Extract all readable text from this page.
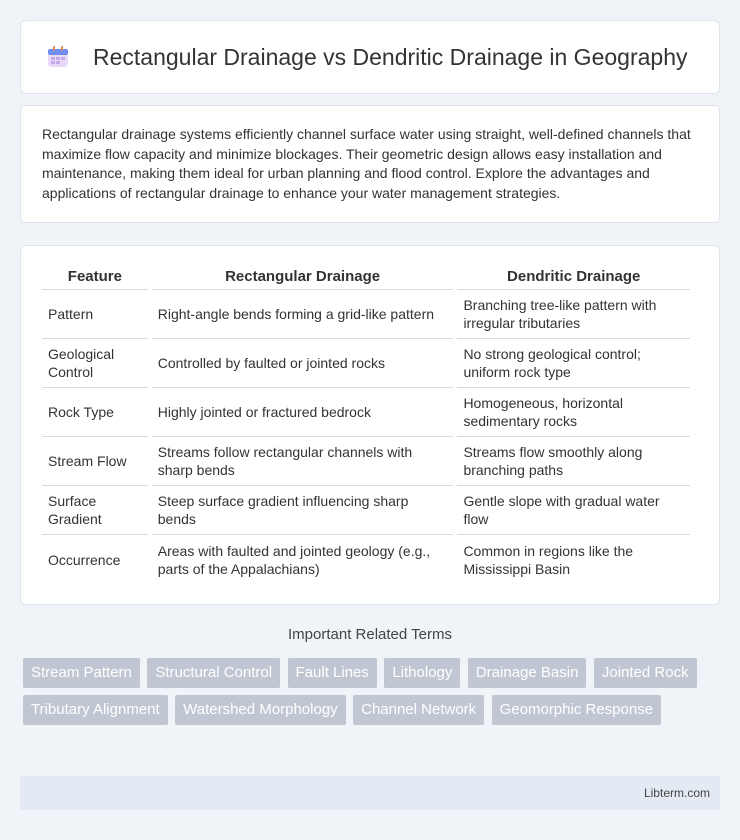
Rectangular Drainage vs Dendritic Drainage in Geography

Rectangular drainage systems efficiently channel surface water using straight, well-defined channels that maximize flow capacity and minimize blockages. Their geometric design allows easy installation and maintenance, making them ideal for urban planning and flood control. Explore the advantages and applications of rectangular drainage to enhance your water management strategies.

Feature	Rectangular Drainage	Dendritic Drainage
Pattern	Right-angle bends forming a grid-like pattern	Branching tree-like pattern with irregular tributaries
Geological Control	Controlled by faulted or jointed rocks	No strong geological control; uniform rock type
Rock Type	Highly jointed or fractured bedrock	Homogeneous, horizontal sedimentary rocks
Stream Flow	Streams follow rectangular channels with sharp bends	Streams flow smoothly along branching paths
Surface Gradient	Steep surface gradient influencing sharp bends	Gentle slope with gradual water flow
Occurrence	Areas with faulted and jointed geology (e.g., parts of the Appalachians)	Common in regions like the Mississippi Basin
Important Related Terms
Stream Pattern Structural Control Fault Lines Lithology Drainage Basin Jointed Rock Tributary Alignment Watershed Morphology Channel Network Geomorphic Response
Libterm.com
